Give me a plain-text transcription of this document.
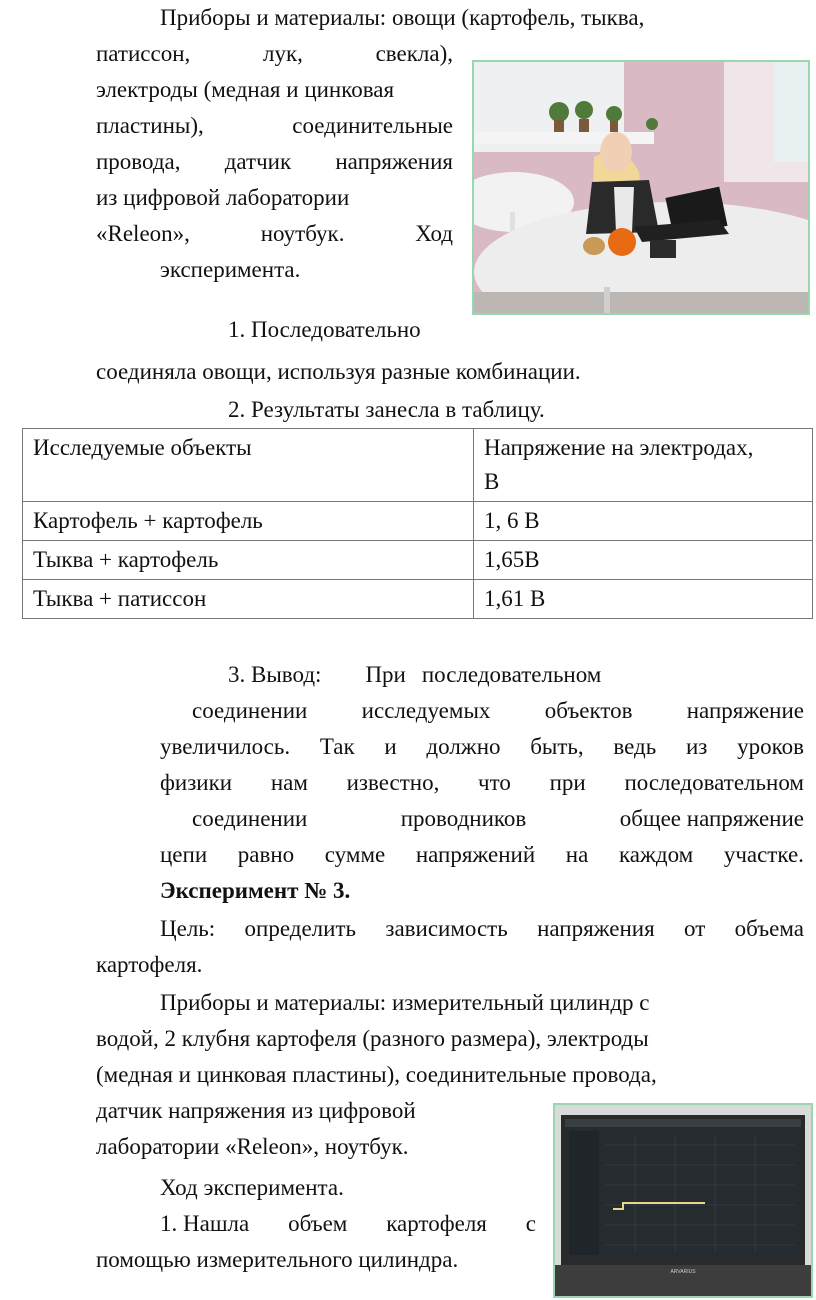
Приборы и материалы: овощи (картофель, тыква,
патиссон,	лук,	свекла),
электроды (медная и цинковая
пластины),	соединительные
провода, датчик напряжения
из цифровой лаборатории
«Releon»,	ноутбук.	Ход
эксперимента.
1. Последовательно
соединяла овощи, используя разные комбинации.
2. Результаты занесла в таблицу.
Исследуемые объекты	Напряжение на электродах,
В

Картофель + картофель	1, 6 В
Тыква + картофель	1,65В
Тыква + патиссон	1,61 В
3. Вывод: При последовательном
соединении исследуемых объектов напряжение
увеличилось. Так и должно быть, ведь из уроков
физики нам известно, что при последовательном
соединении	проводников	общее напряжение
цепи равно сумме напряжений на каждом участке.
Эксперимент № 3.
Цель: определить зависимость напряжения от объема
картофеля.
Приборы и материалы: измерительный цилиндр с
водой, 2 клубня картофеля (разного размера), электроды
(медная и цинковая пластины), соединительные провода,
датчик напряжения из цифровой
лаборатории «Releon», ноутбук.
Ход эксперимента.
1. Нашла объем картофеля с
помощью измерительного цилиндра.	ARVARIUS
